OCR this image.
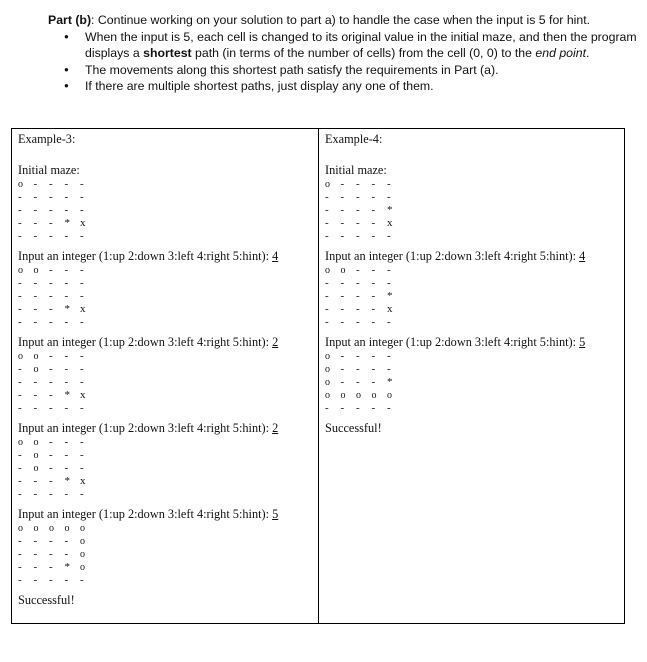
Part (b): Continue working on your solution to part a) to handle the case when the input is 5 for hint.

● When the input is 5, each cell is changed to its original value in the initial maze, and then the program displays a shortest path (in terms of the number of cells) from the cell (0, 0) to the end point.
● The movements along this shortest path satisfy the requirements in Part (a).
● If there are multiple shortest paths, just display any one of them.
Example-3:
Initial maze:
o - - - -
- - - - -
- - - - -
- - - * x
- - - - -
Input an integer (1:up 2:down 3:left 4:right 5:hint): 4
o o - - -
- - - - -
- - - - -
- - - * x
- - - - -
Input an integer (1:up 2:down 3:left 4:right 5:hint): 2
o o - - -
- o - - -
- - - - -
- - - * x
- - - - -
Input an integer (1:up 2:down 3:left 4:right 5:hint): 2
o o - - -
- o - - -
- o - - -
- - - * x
- - - - -
Input an integer (1:up 2:down 3:left 4:right 5:hint): 5
o o o o o
- - - - o
- - - - o
- - - * o
- - - - -
Successful!
Example-4:
Initial maze:
o - - - -
- - - - -
- - - - *
- - - - x
- - - - -
Input an integer (1:up 2:down 3:left 4:right 5:hint): 4
o o - - -
- - - - -
- - - - *
- - - - x
- - - - -
Input an integer (1:up 2:down 3:left 4:right 5:hint): 5
o - - - -
o - - - -
o - - - *
o o o o o
- - - - -
Successful!
